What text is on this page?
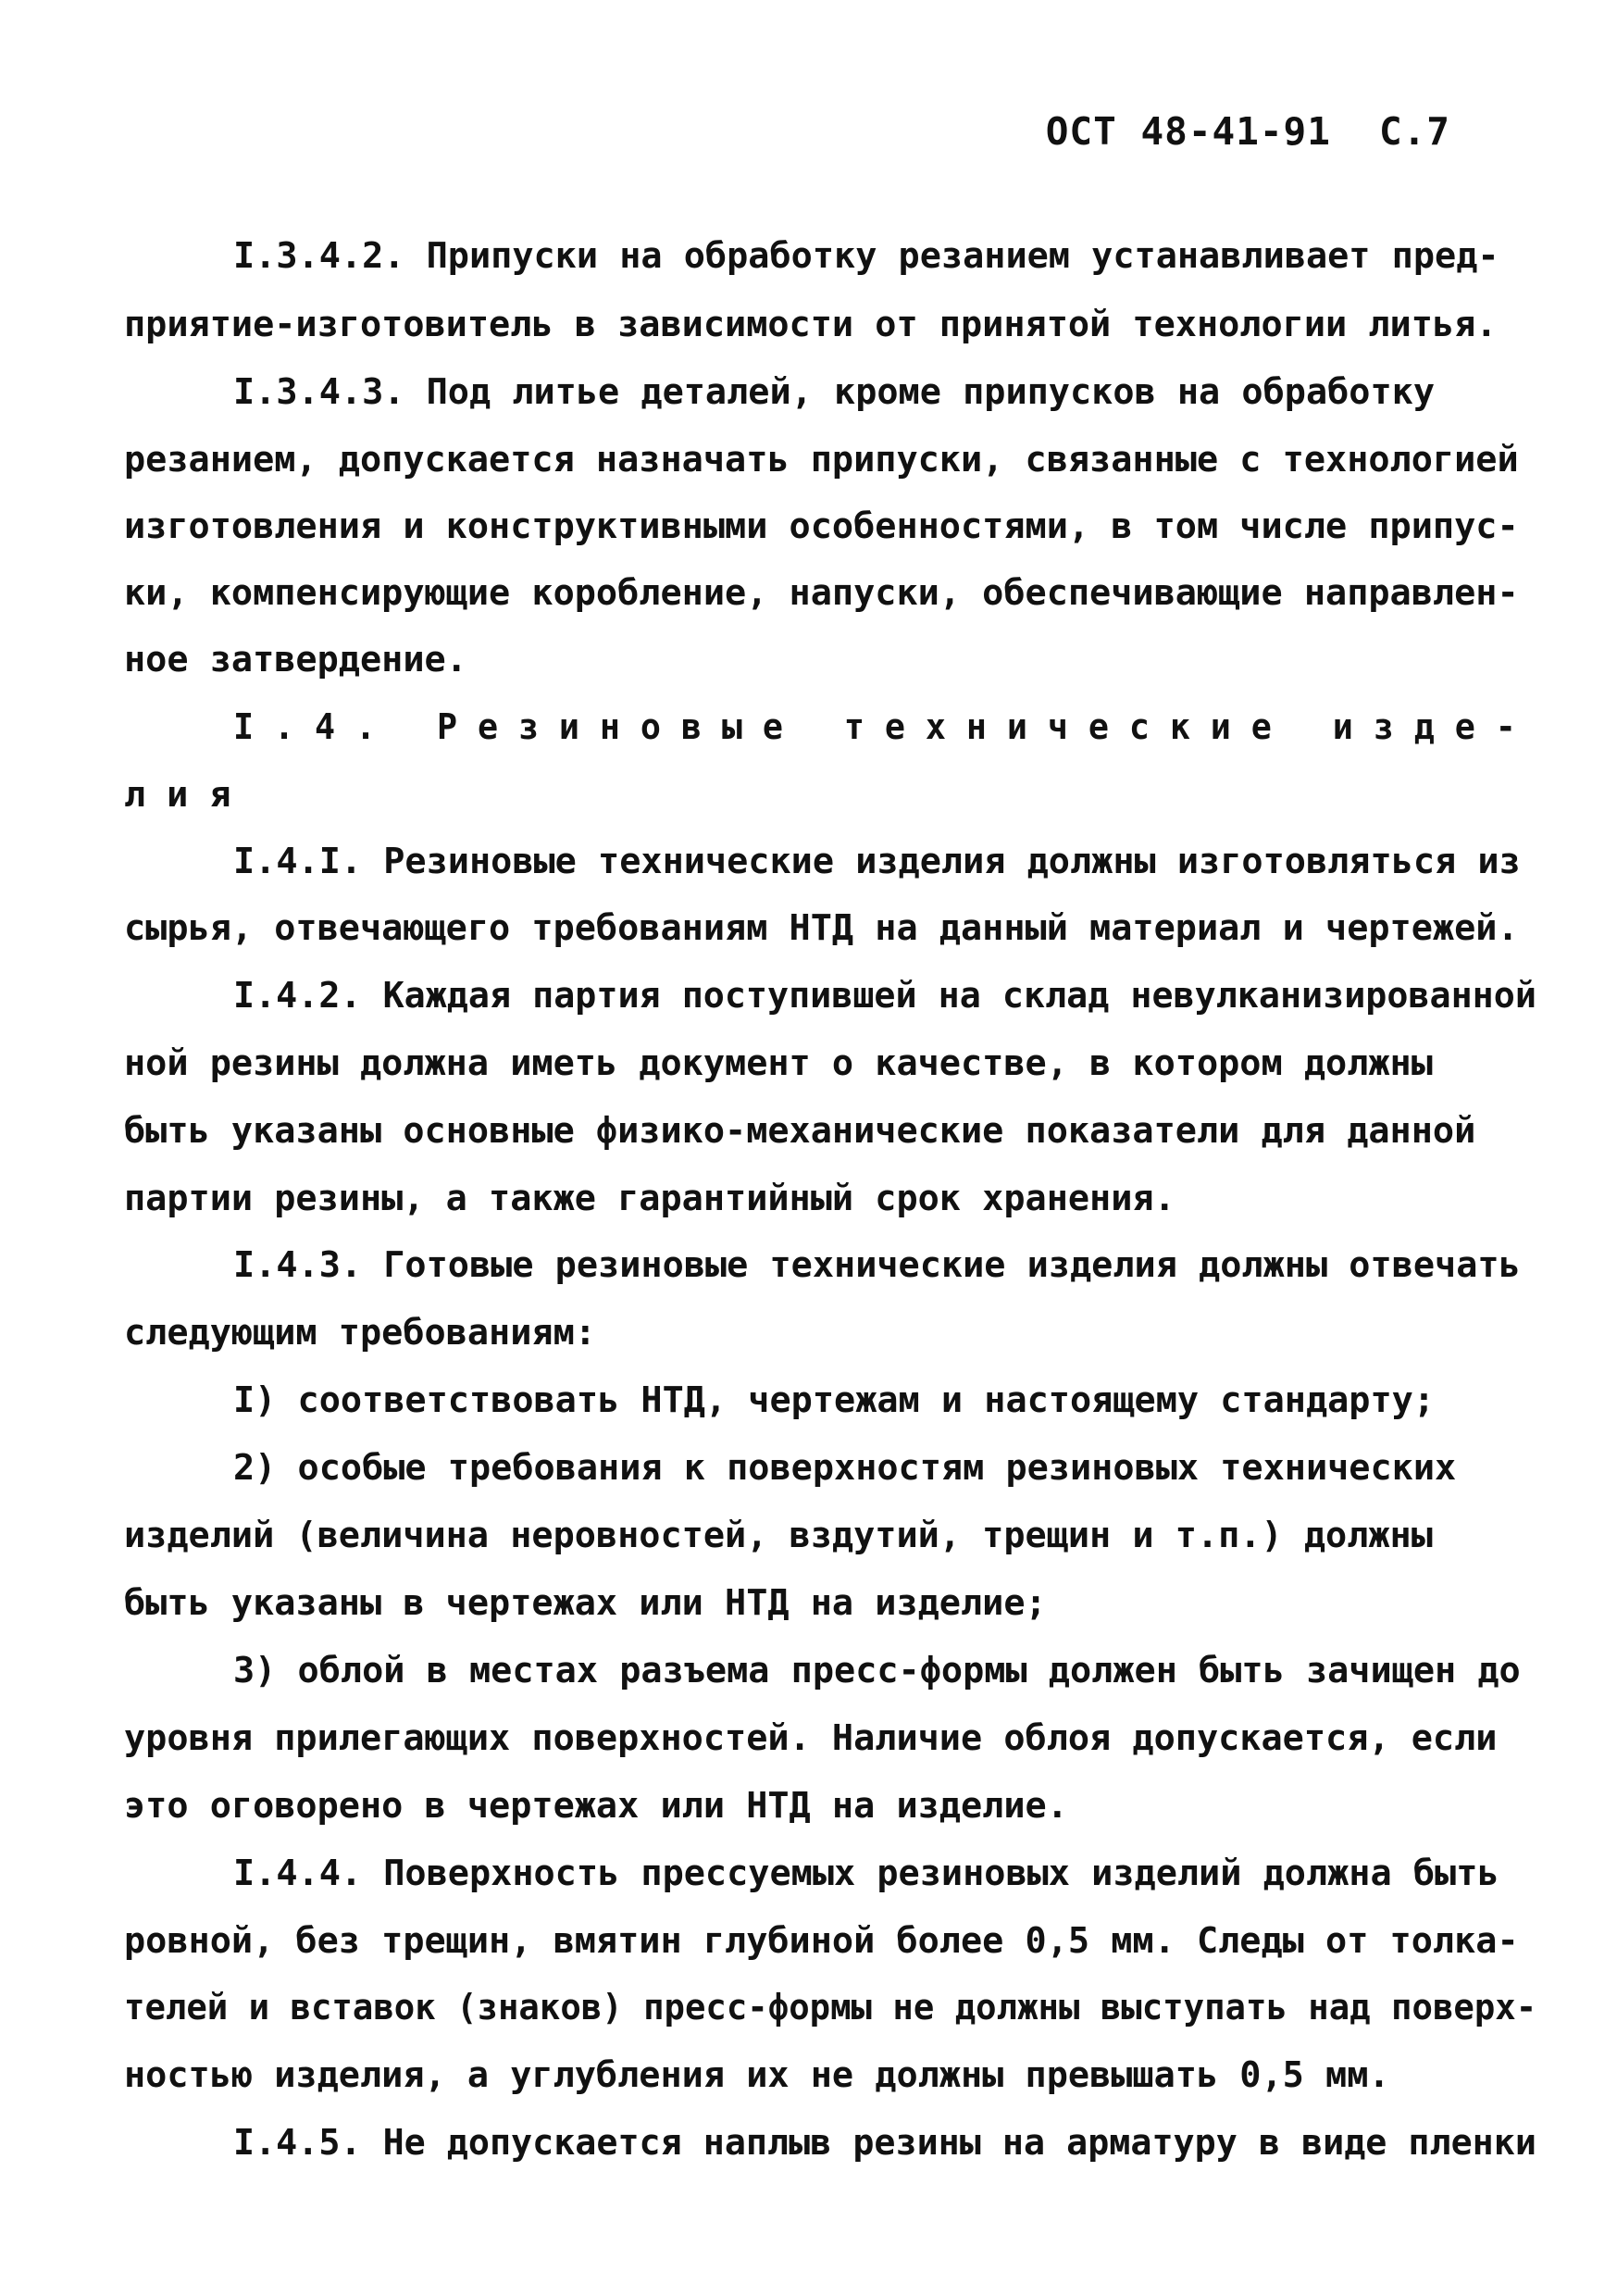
ОСТ 48-41-91 С.7
I.3.4.2. Припуски на обработку резанием устанавливает пред-
приятие-изготовитель в зависимости от принятой технологии литья.
I.3.4.3. Под литье деталей, кроме припусков на обработку
резанием, допускается назначать припуски, связанные с технологией
изготовления и конструктивными особенностями, в том числе припус-
ки, компенсирующие коробление, напуски, обеспечивающие направлен-
ное затвердение.
I.4. Резиновые технические изде-
лия
I.4.I. Резиновые технические изделия должны изготовляться из
сырья, отвечающего требованиям НТД на данный материал и чертежей.
I.4.2. Каждая партия поступившей на склад невулканизированной
ной резины должна иметь документ о качестве, в котором должны
быть указаны основные физико-механические показатели для данной
партии резины, а также гарантийный срок хранения.
I.4.3. Готовые резиновые технические изделия должны отвечать
следующим требованиям:
I) соответствовать НТД, чертежам и настоящему стандарту;
2) особые требования к поверхностям резиновых технических
изделий (величина неровностей, вздутий, трещин и т.п.) должны
быть указаны в чертежах или НТД на изделие;
3) облой в местах разъема пресс-формы должен быть зачищен до
уровня прилегающих поверхностей. Наличие облоя допускается, если
это оговорено в чертежах или НТД на изделие.
I.4.4. Поверхность прессуемых резиновых изделий должна быть
ровной, без трещин, вмятин глубиной более 0,5 мм. Следы от толка-
телей и вставок (знаков) пресс-формы не должны выступать над поверх-
ностью изделия, а углубления их не должны превышать 0,5 мм.
I.4.5. Не допускается наплыв резины на арматуру в виде пленки
